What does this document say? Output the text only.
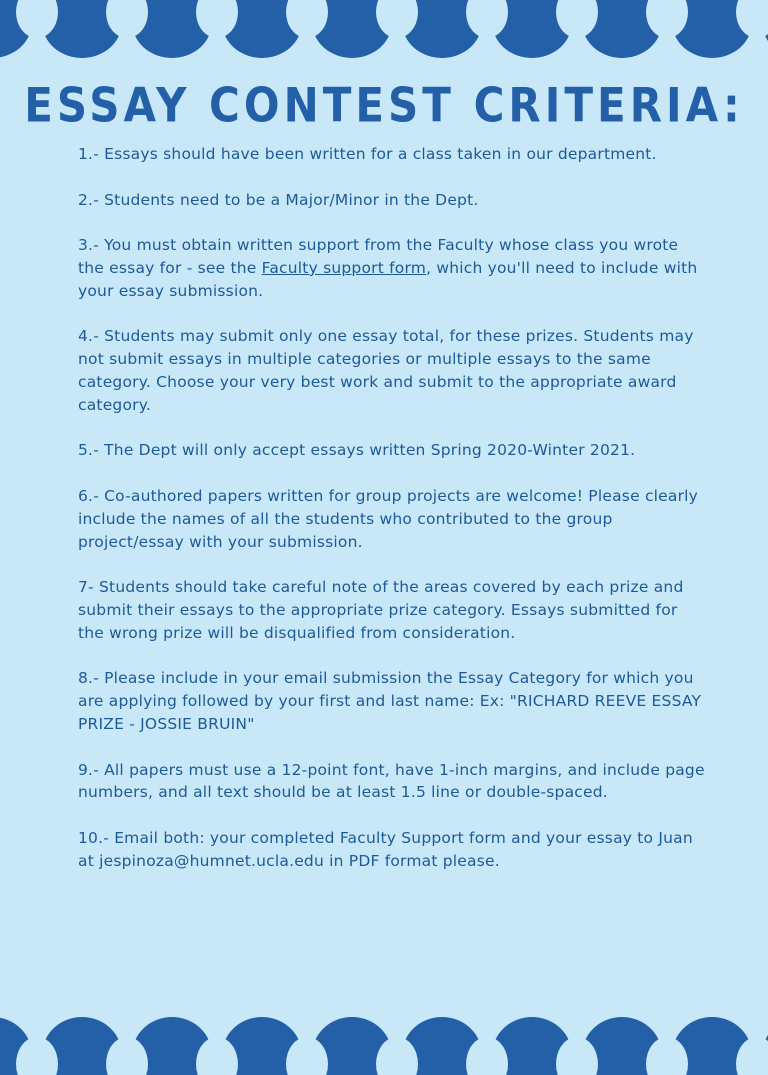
ESSAY CONTEST CRITERIA:

1.- Essays should have been written for a class taken in our department.

2.- Students need to be a Major/Minor in the Dept.

3.- You must obtain written support from the Faculty whose class you wrote the essay for - see the Faculty support form, which you'll need to include with your essay submission.

4.- Students may submit only one essay total, for these prizes. Students may not submit essays in multiple categories or multiple essays to the same category. Choose your very best work and submit to the appropriate award category.

5.- The Dept will only accept essays written Spring 2020-Winter 2021.

6.- Co-authored papers written for group projects are welcome! Please clearly include the names of all the students who contributed to the group project/essay with your submission.

7- Students should take careful note of the areas covered by each prize and submit their essays to the appropriate prize category. Essays submitted for the wrong prize will be disqualified from consideration.

8.- Please include in your email submission the Essay Category for which you are applying followed by your first and last name: Ex: "RICHARD REEVE ESSAY PRIZE - JOSSIE BRUIN"

9.- All papers must use a 12-point font, have 1-inch margins, and include page numbers, and all text should be at least 1.5 line or double-spaced.

10.- Email both: your completed Faculty Support form and your essay to Juan at jespinoza@humnet.ucla.edu in PDF format please.
